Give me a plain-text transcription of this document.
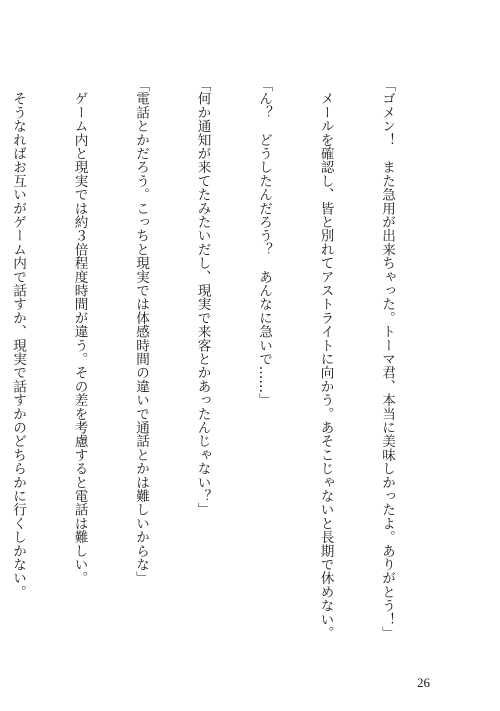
「ゴメン！　また急用が出来ちゃった。トーマ君、本当に美味しかったよ。ありがとう！」

　メールを確認し、皆と別れてアストライトに向かう。あそこじゃないと長期で休めない。

「ん？　どうしたんだろう？　あんなに急いで……」

「何か通知が来てたみたいだし、現実で来客とかあったんじゃない？」

「電話とかだろう。こっちと現実では体感時間の違いで通話とかは難しいからな」

　ゲーム内と現実では約３倍程度時間が違う。その差を考慮すると電話は難しい。

　そうなればお互いがゲーム内で話すか、現実で話すかのどちらかに行くしかない。

26
